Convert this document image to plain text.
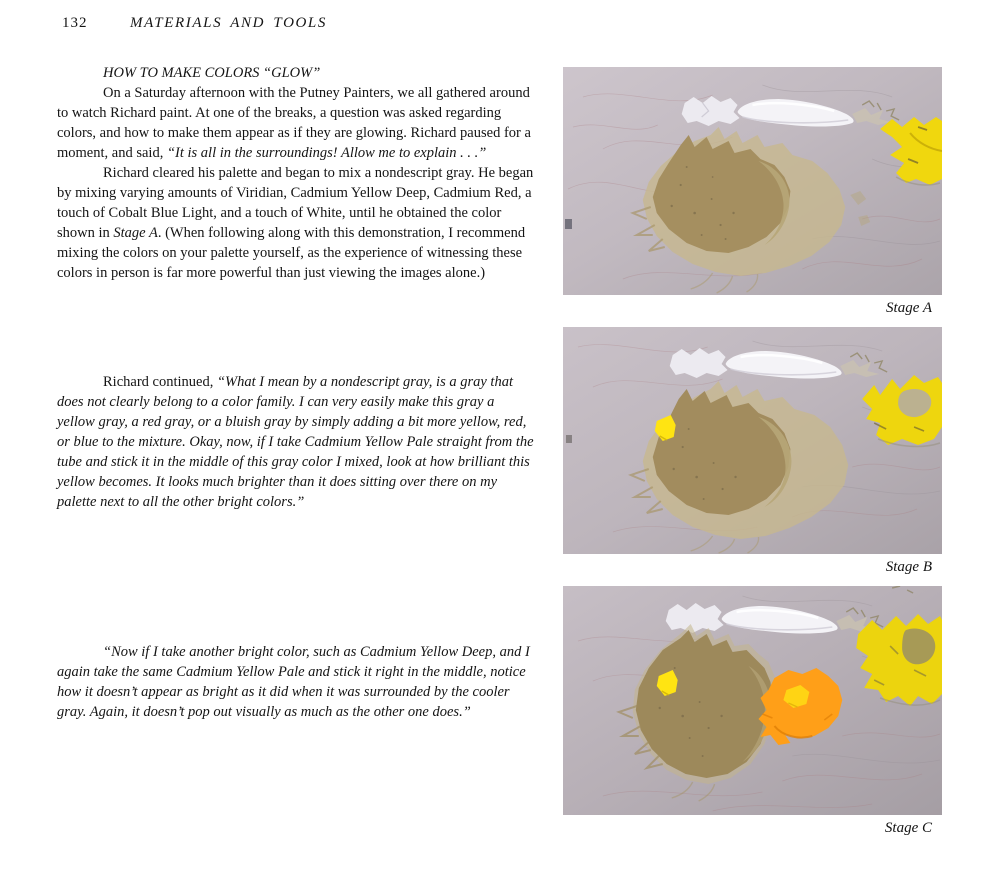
132	MATERIALS AND TOOLS
HOW TO MAKE COLORS “GLOW”

On a Saturday afternoon with the Putney Painters, we all gathered around to watch Richard paint. At one of the breaks, a question was asked regarding colors, and how to make them appear as if they are glowing. Richard paused for a moment, and said, “It is all in the surroundings! Allow me to explain . . .”

Richard cleared his palette and began to mix a nondescript gray. He began by mixing varying amounts of Viridian, Cadmium Yellow Deep, Cadmium Red, a touch of Cobalt Blue Light, and a touch of White, until he obtained the color shown in Stage A. (When following along with this demonstration, I recommend mixing the colors on your palette yourself, as the experience of witnessing these colors in person is far more powerful than just viewing the images alone.)

Richard continued, “What I mean by a nondescript gray, is a gray that does not clearly belong to a color family. I can very easily make this gray a yellow gray, a red gray, or a bluish gray by simply adding a bit more yellow, red, or blue to the mixture. Okay, now, if I take Cadmium Yellow Pale straight from the tube and stick it in the middle of this gray color I mixed, look at how brilliant this yellow becomes. It looks much brighter than it does sitting over there on my palette next to all the other bright colors.”

“Now if I take another bright color, such as Cadmium Yellow Deep, and I again take the same Cadmium Yellow Pale and stick it right in the middle, notice how it doesn’t appear as bright as it did when it was surrounded by the cooler gray. Again, it doesn’t pop out visually as much as the other one does.”

Stage A
Stage B
Stage C
